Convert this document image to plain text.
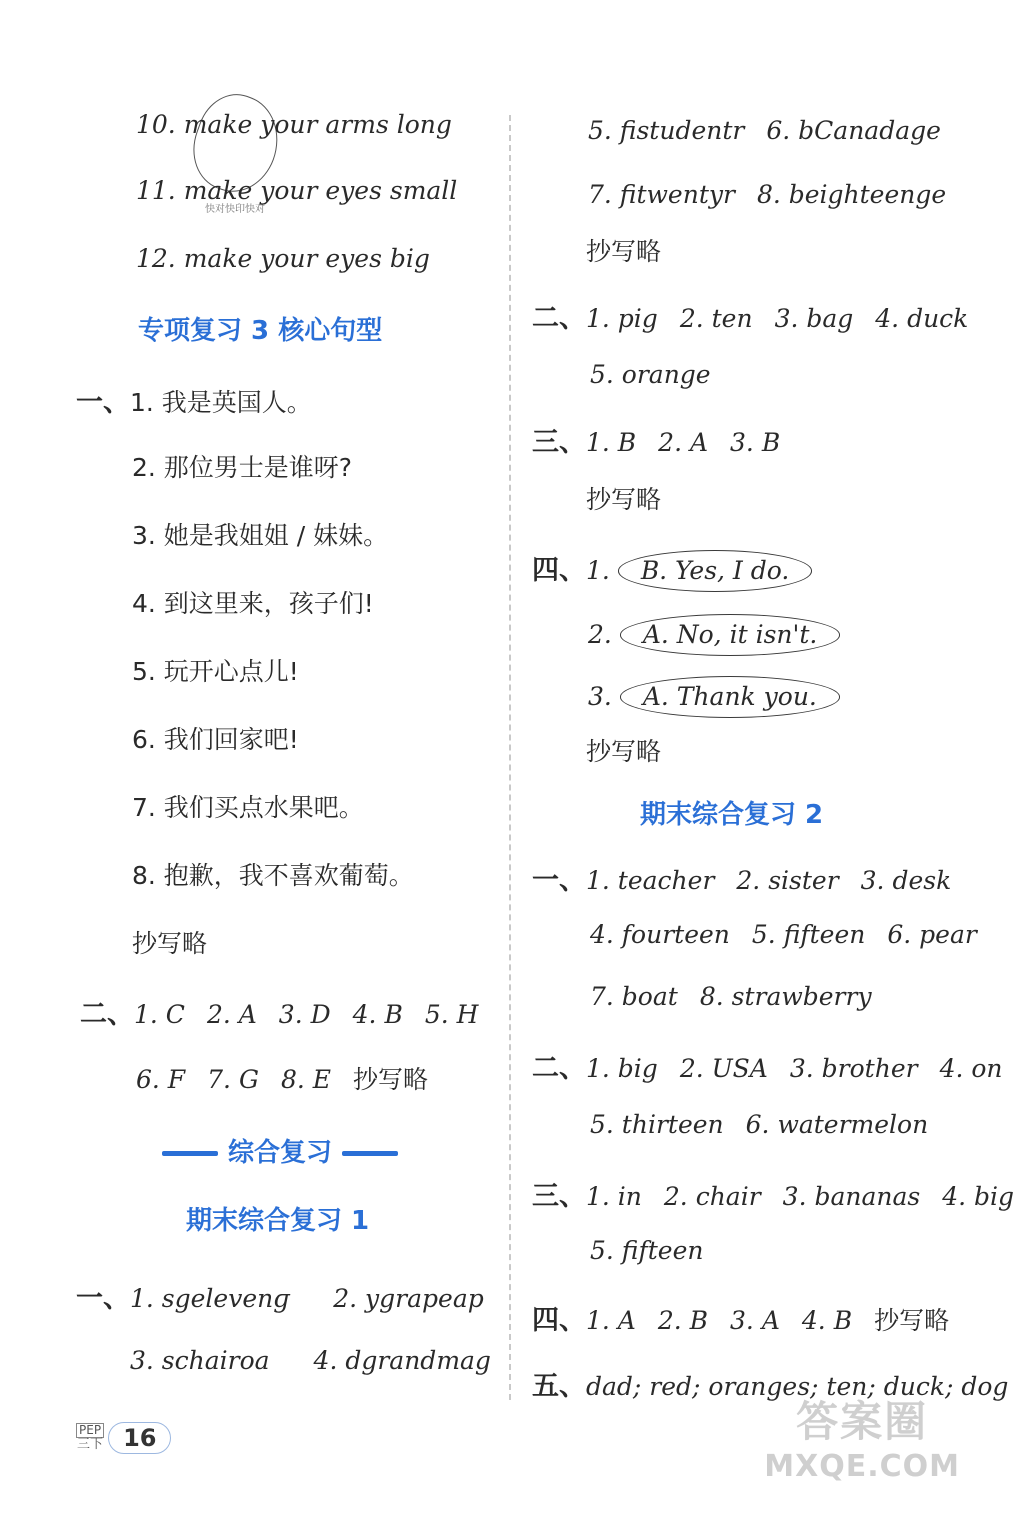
快对快印快对
10. make your arms long
11. make your eyes small
12. make your eyes big
专项复习 3 核心句型
一、1. 我是英国人。
2. 那位男士是谁呀?
3. 她是我姐姐 / 妹妹。
4. 到这里来，孩子们!
5. 玩开心点儿!
6. 我们回家吧!
7. 我们买点水果吧。
8. 抱歉，我不喜欢葡萄。
抄写略
二、1. C 2. A 3. D 4. B 5. H
6. F 7. G 8. E 抄写略
综合复习
期末综合复习 1
一、1. sgelevenɡ 2. ygrapeap
3. schairoa 4. dgrandmag
5. fistudentr 6. bCanadage
7. fitwentyr 8. beighteenge
抄写略
二、1. pig 2. ten 3. bag 4. duck
5. orange
三、1. B 2. A 3. B
抄写略
四、1. B. Yes, I do.
2. A. No, it isn't.
3. A. Thank you.
抄写略
期末综合复习 2
一、1. teacher 2. sister 3. desk
4. fourteen 5. fifteen 6. pear
7. boat 8. strawberry
二、1. big 2. USA 3. brother 4. on
5. thirteen 6. watermelon
三、1. in 2. chair 3. bananas 4. big
5. fifteen
四、1. A 2. B 3. A 4. B 抄写略
五、dad; red; oranges; ten; duck; dog
PEP
三下 16	答案圈
MXQE.COM
